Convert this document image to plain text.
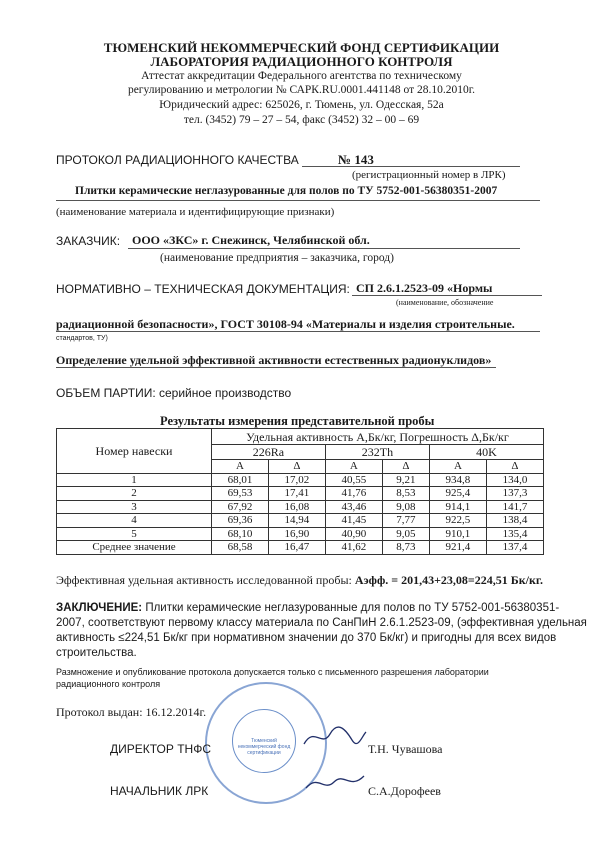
ТЮМЕНСКИЙ НЕКОММЕРЧЕСКИЙ ФОНД СЕРТИФИКАЦИИ
ЛАБОРАТОРИЯ РАДИАЦИОННОГО КОНТРОЛЯ
Аттестат аккредитации Федерального агентства по техническому
регулированию и метрологии № САРК.RU.0001.441148 от 28.10.2010г.
Юридический адрес: 625026, г. Тюмень, ул. Одесская, 52а
тел. (3452) 79 – 27 – 54, факс (3452) 32 – 00 – 69
ПРОТОКОЛ РАДИАЦИОННОГО КАЧЕСТВА	№ 143
(регистрационный номер в ЛРК)
Плитки керамические неглазурованные для полов по ТУ 5752-001-56380351-2007
(наименование материала и идентифицирующие признаки)
ЗАКАЗЧИК: ООО «ЗКС» г. Снежинск, Челябинской обл.
(наименование предприятия – заказчика, город)
НОРМАТИВНО – ТЕХНИЧЕСКАЯ ДОКУМЕНТАЦИЯ: СП 2.6.1.2523-09 «Нормы
(наименование, обозначение
радиационной безопасности», ГОСТ 30108-94 «Материалы и изделия строительные.
стандартов, ТУ)
Определение удельной эффективной активности естественных радионуклидов»
ОБЪЕМ ПАРТИИ: серийное производство
Результаты измерения представительной пробы
Номер навески	Удельная активность A,Бк/кг, Погрешность Δ,Бк/кг					
	226Ra		232Th		40K	
	А	Δ	А	Δ	А	Δ
1	68,01	17,02	40,55	9,21	934,8	134,0
2	69,53	17,41	41,76	8,53	925,4	137,3
3	67,92	16,08	43,46	9,08	914,1	141,7
4	69,36	14,94	41,45	7,77	922,5	138,4
5	68,10	16,90	40,90	9,05	910,1	135,4
Среднее значение	68,58	16,47	41,62	8,73	921,4	137,4
Эффективная удельная активность исследованной пробы: Аэфф. = 201,43+23,08=224,51 Бк/кг.
ЗАКЛЮЧЕНИЕ: Плитки керамические неглазурованные для полов по ТУ 5752-001-56380351-
2007, соответствуют первому классу материала по СанПиН 2.6.1.2523-09, (эффективная удельная
активность ≤224,51 Бк/кг при нормативном значении до 370 Бк/кг) и пригодны для всех видов
строительства.
Размножение и опубликование протокола допускается только с письменного разрешения лаборатории
радиационного контроля
Протокол выдан: 16.12.2014г.
Тюменский некоммерческий фонд сертификации
ДИРЕКТОР ТНФС	Т.Н. Чувашова
НАЧАЛЬНИК ЛРК	С.А.Дорофеев
